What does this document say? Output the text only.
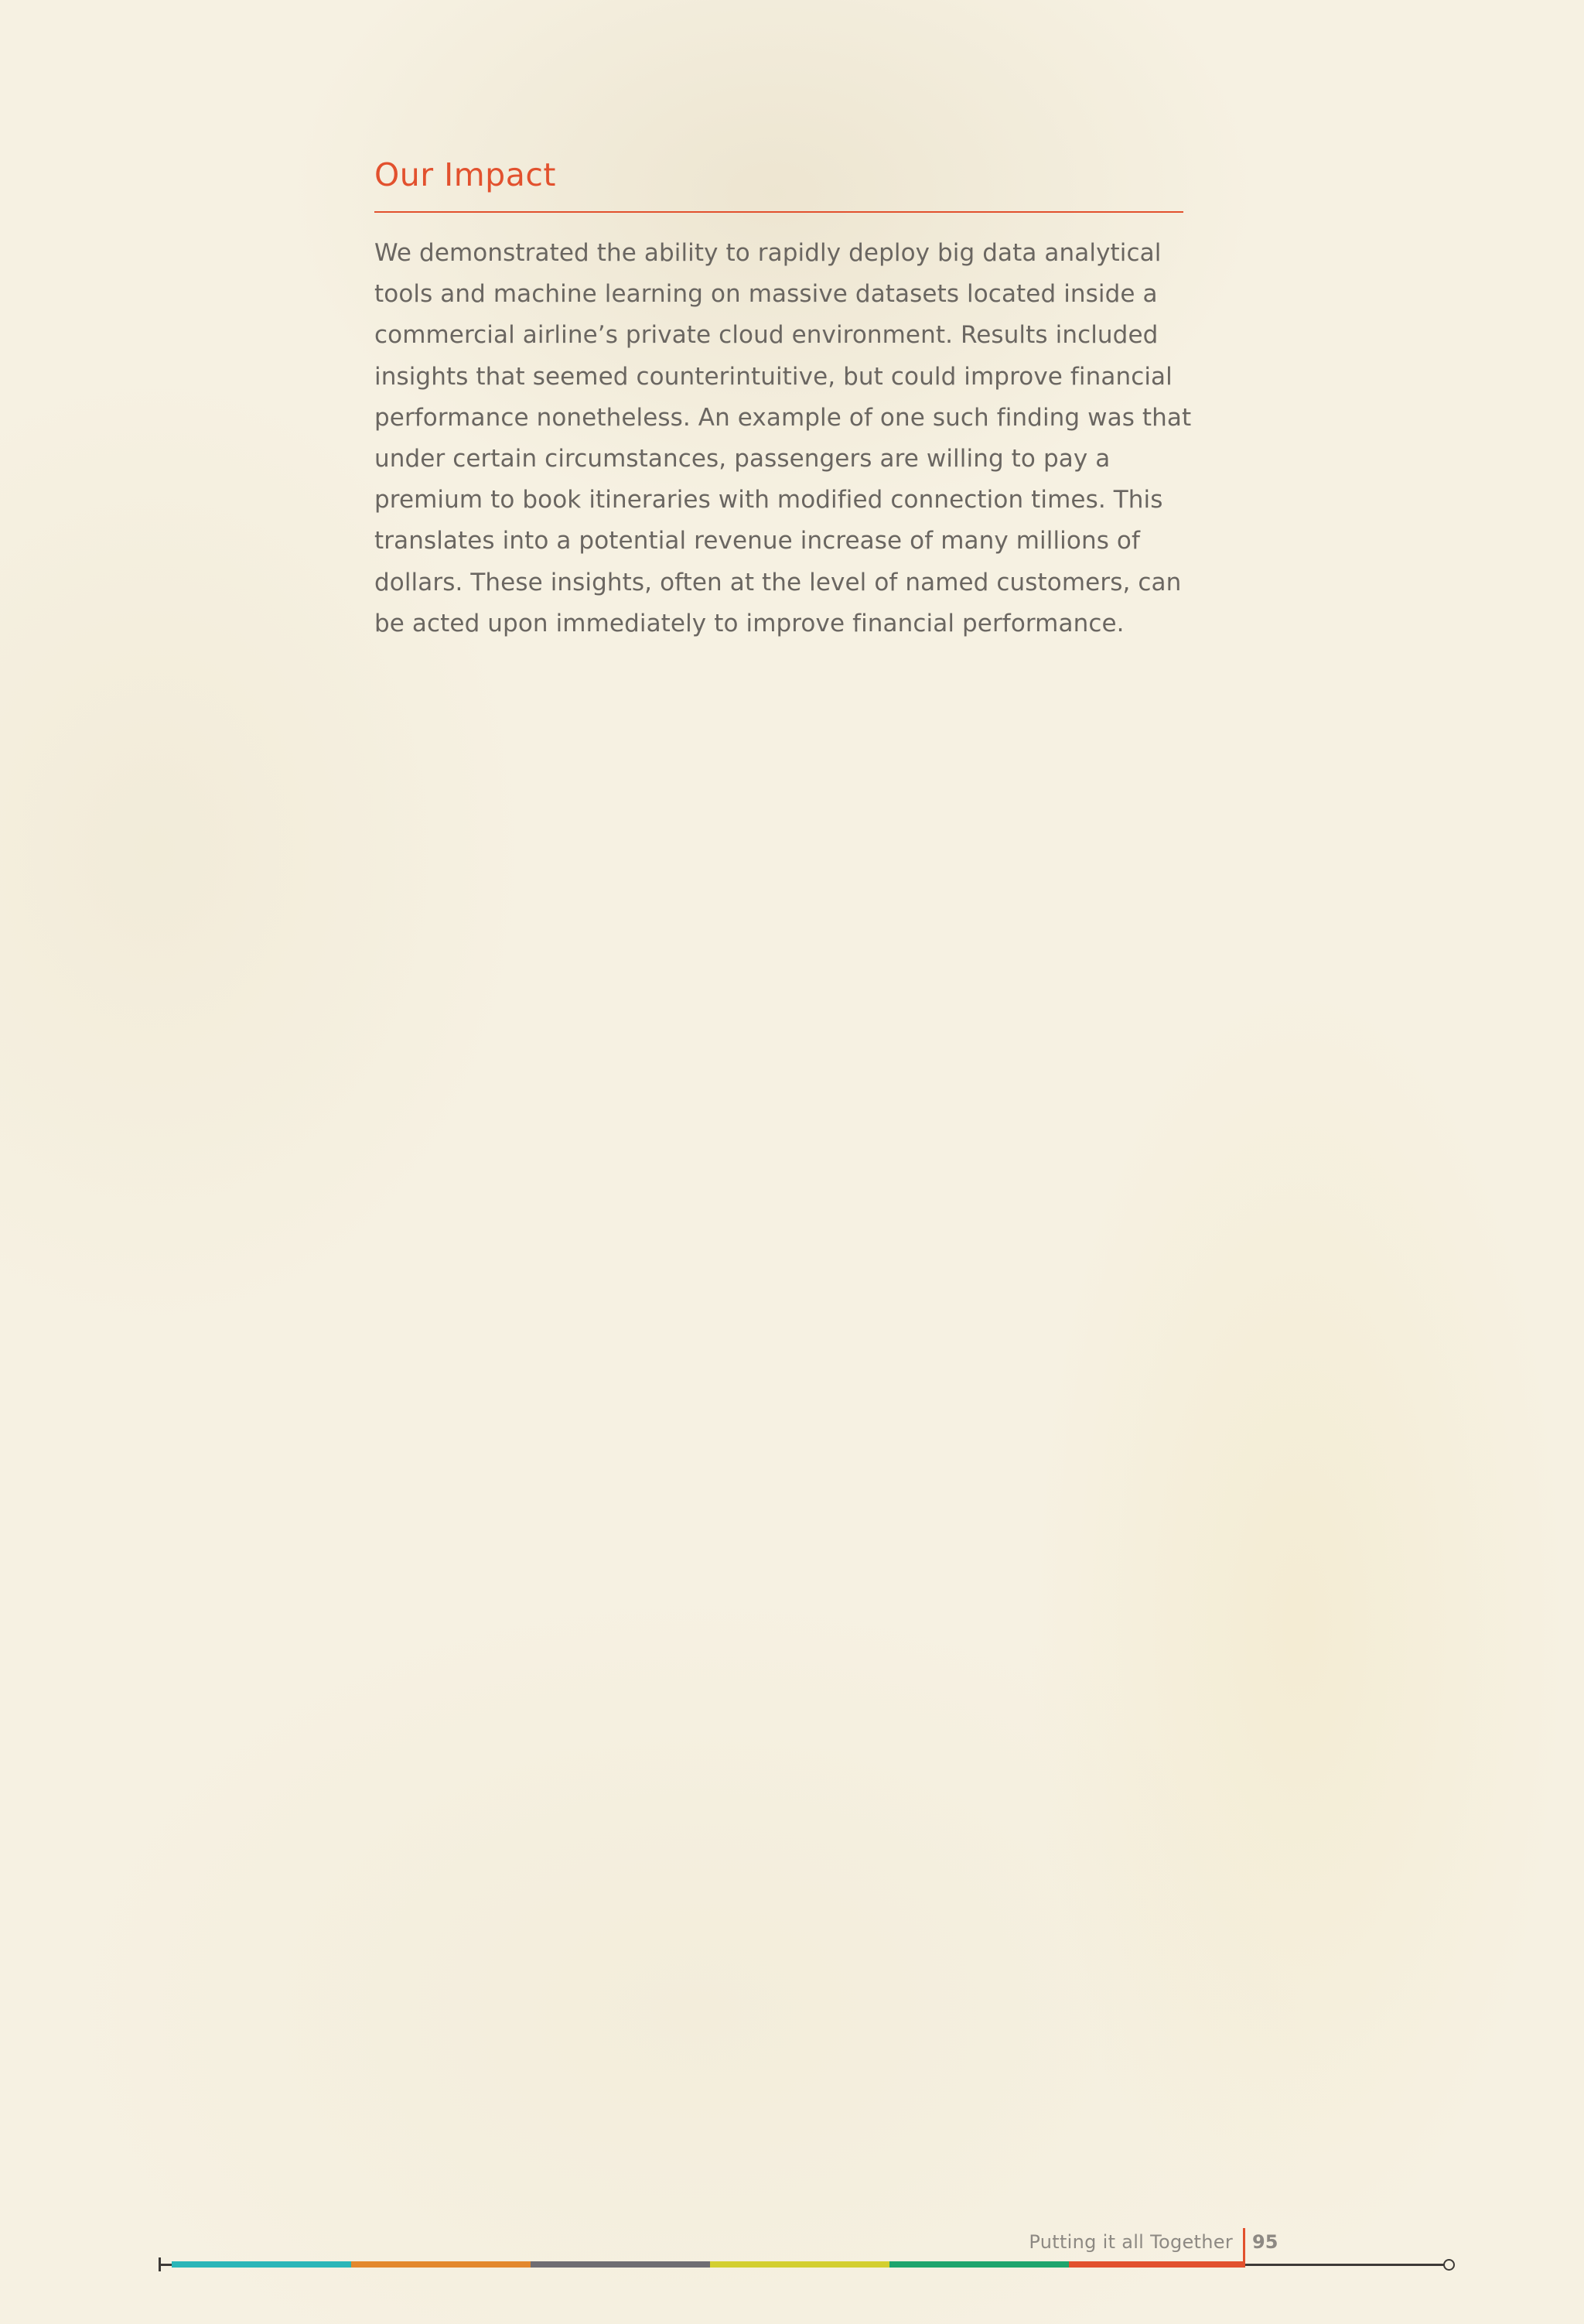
Our Impact

We demonstrated the ability to rapidly deploy big data analytical tools and machine learning on massive datasets located inside a commercial airline’s private cloud environment. Results included insights that seemed counterintuitive, but could improve financial performance nonetheless. An example of one such finding was that under certain circumstances, passengers are willing to pay a premium to book itineraries with modified connection times. This translates into a potential revenue increase of many millions of dollars. These insights, often at the level of named customers, can be acted upon immediately to improve financial performance.

Putting it all Together 95
